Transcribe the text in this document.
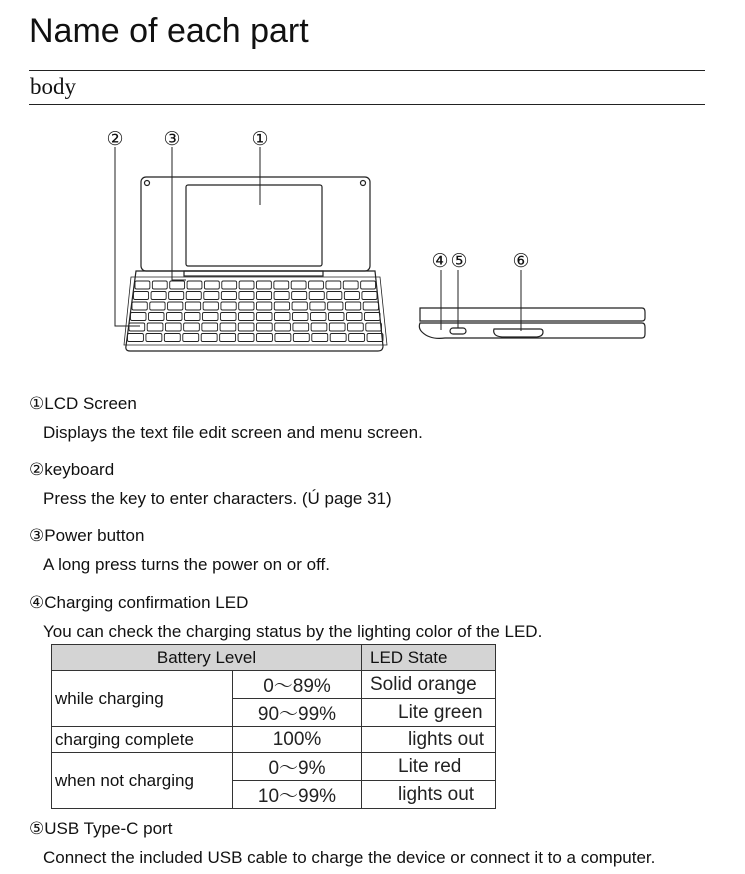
Name of each part
body
①
② ③
④ ⑤ ⑥
①LCD Screen

Displays the text file edit screen and menu screen.

②keyboard

Press the key to enter characters. (Ú page 31)

③Power button

A long press turns the power on or off.

④Charging confirmation LED

You can check the charging status by the lighting color of the LED.

Battery Level		LED State
while charging	0～89%	Solid orange
	90～99%	Lite green
charging complete	100%	lights out
when not charging	0～9%	Lite red
	10～99%	lights out
⑤USB Type-C port

Connect the included USB cable to charge the device or connect it to a computer.
